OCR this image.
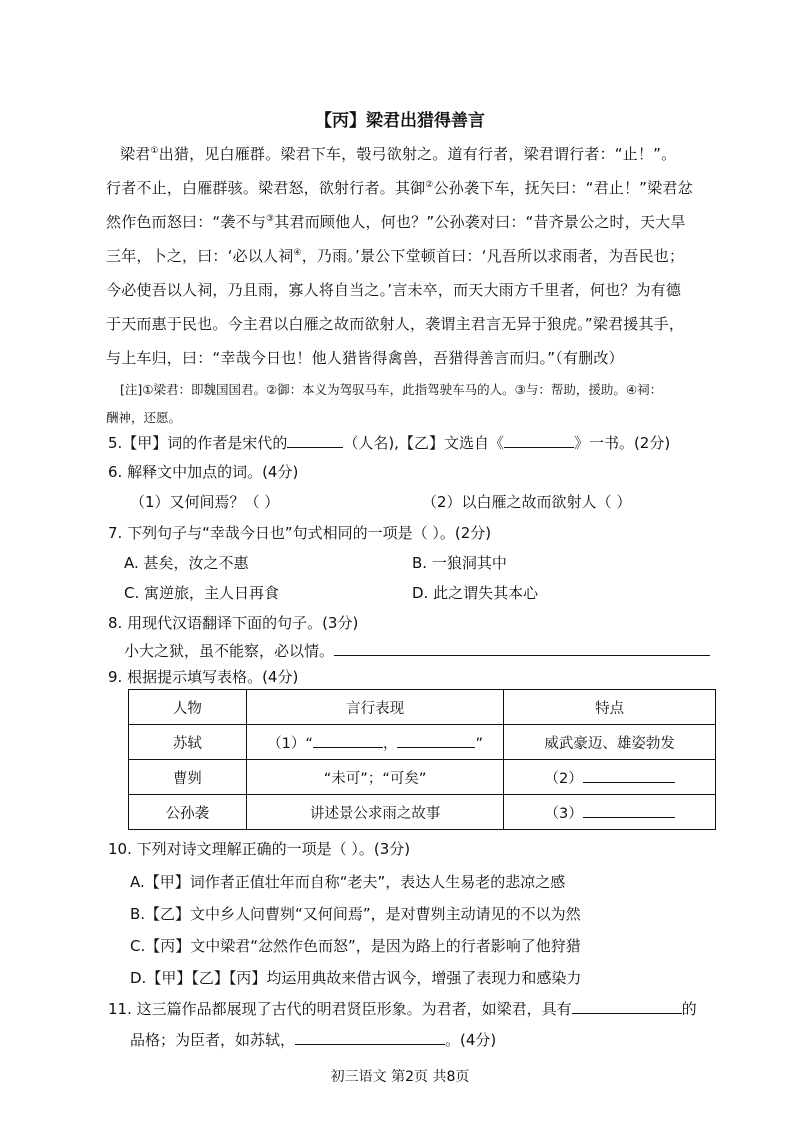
【丙】梁君出猎得善言
梁君①出猎，见白雁群。梁君下车，彀弓欲射之。道有行者，梁君谓行者：“止！”。
行者不止，白雁群骇。梁君怒，欲射行者。其御②公孙袭下车，抚矢曰：“君止！”梁君忿
然作色而怒曰：“袭不与③其君而顾他人，何也？”公孙袭对曰：“昔齐景公之时，天大旱
三年，卜之，曰：‘必以人祠④，乃雨。’景公下堂顿首曰：‘凡吾所以求雨者，为吾民也；
今必使吾以人祠，乃且雨，寡人将自当之。’言未卒，而天大雨方千里者，何也？为有德
于天而惠于民也。今主君以白雁之故而欲射人，袭谓主君言无异于狼虎。”梁君援其手，
与上车归，曰：“幸哉今日也！他人猎皆得禽兽，吾猎得善言而归。”（有删改）
[注]①梁君：即魏国国君。②御：本义为驾驭马车，此指驾驶车马的人。③与：帮助，援助。④祠：
酬神，还愿。
5.【甲】词的作者是宋代的	（人名),【乙】文选自《	》一书。(2分)
6. 解释文中加点的词。(4分)
（1）又何间焉？（ ）	（2）以白雁之故而欲射人（ ）
7. 下列句子与“幸哉今日也”句式相同的一项是（ ）。(2分)
A. 甚矣，汝之不惠	B. 一狼洞其中
C. 寓逆旅，主人日再食	D. 此之谓失其本心
8. 用现代汉语翻译下面的句子。(3分)
小大之狱，虽不能察，必以情。
9. 根据提示填写表格。(4分)
人物	言行表现	特点
苏轼	（1）“ ， ”	威武豪迈、雄姿勃发
曹刿	“未可”；“可矣”	（2）
公孙袭	讲述景公求雨之故事	（3）
10. 下列对诗文理解正确的一项是（ ）。(3分)
A.【甲】词作者正值壮年而自称“老夫”，表达人生易老的悲凉之感
B.【乙】文中乡人问曹刿“又何间焉”，是对曹刿主动请见的不以为然
C.【丙】文中梁君“忿然作色而怒”，是因为路上的行者影响了他狩猎
D.【甲】【乙】【丙】均运用典故来借古讽今，增强了表现力和感染力
11. 这三篇作品都展现了古代的明君贤臣形象。为君者，如梁君，具有	的
品格；为臣者，如苏轼，	。(4分)
初三语文 第2页 共8页
